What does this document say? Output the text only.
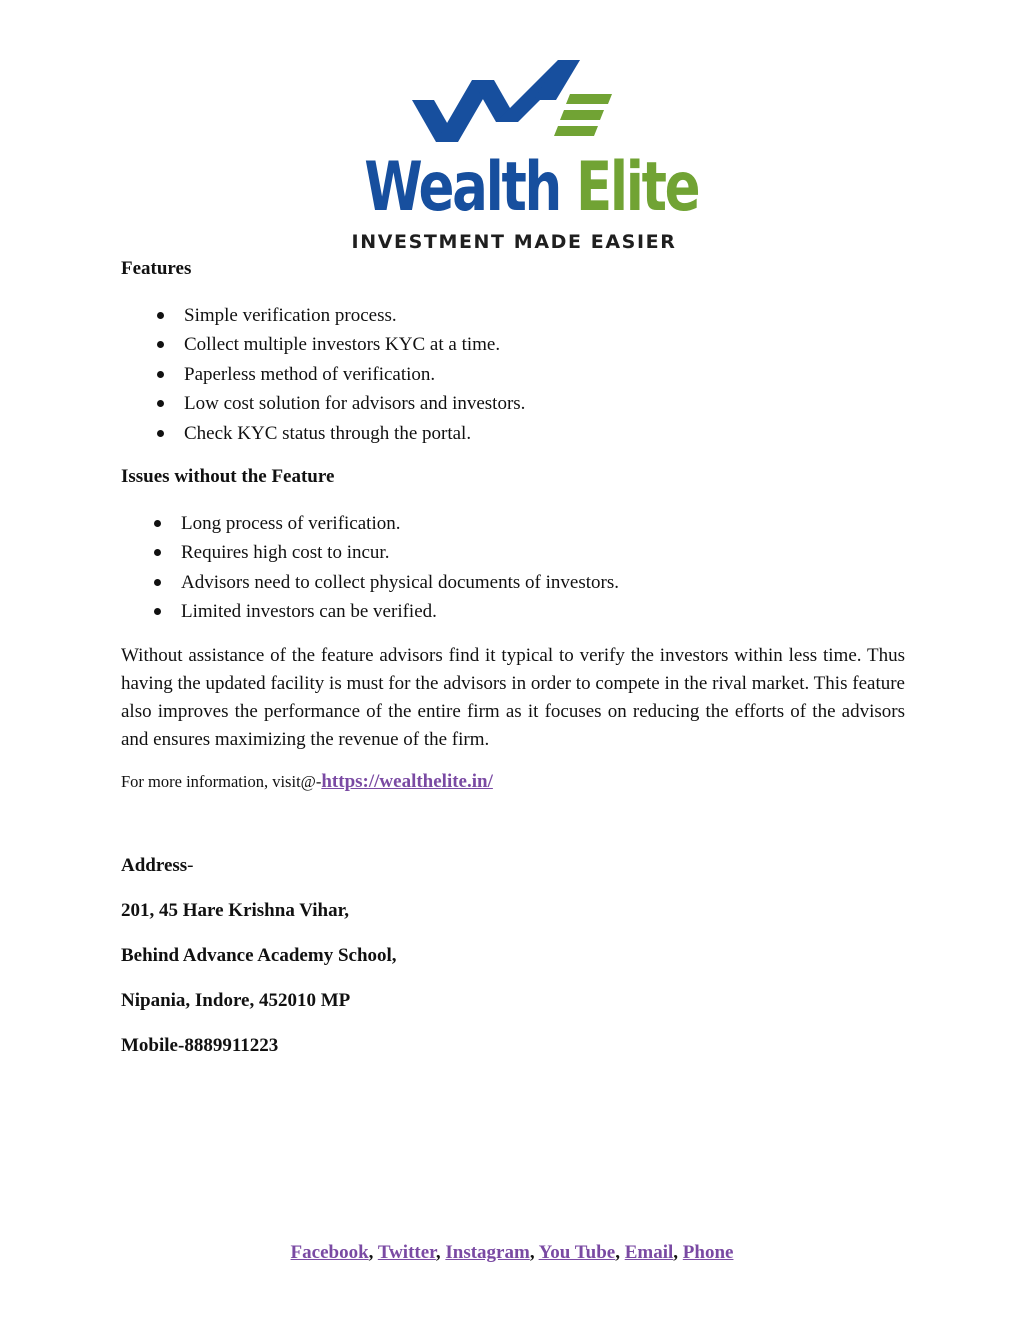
Wealth Elite
INVESTMENT MADE EASIER
Features
Simple verification process.
Collect multiple investors KYC at a time.
Paperless method of verification.
Low cost solution for advisors and investors.
Check KYC status through the portal.
Issues without the Feature
Long process of verification.
Requires high cost to incur.
Advisors need to collect physical documents of investors.
Limited investors can be verified.

Without assistance of the feature advisors find it typical to verify the investors within less time. Thus having the updated facility is must for the advisors in order to compete in the rival market. This feature also improves the performance of the entire firm as it focuses on reducing the efforts of the advisors and ensures maximizing the revenue of the firm.

For more information, visit@-https://wealthelite.in/

Address-

201, 45 Hare Krishna Vihar,

Behind Advance Academy School,

Nipania, Indore, 452010 MP

Mobile-8889911223

Facebook, Twitter, Instagram, You Tube, Email, Phone
